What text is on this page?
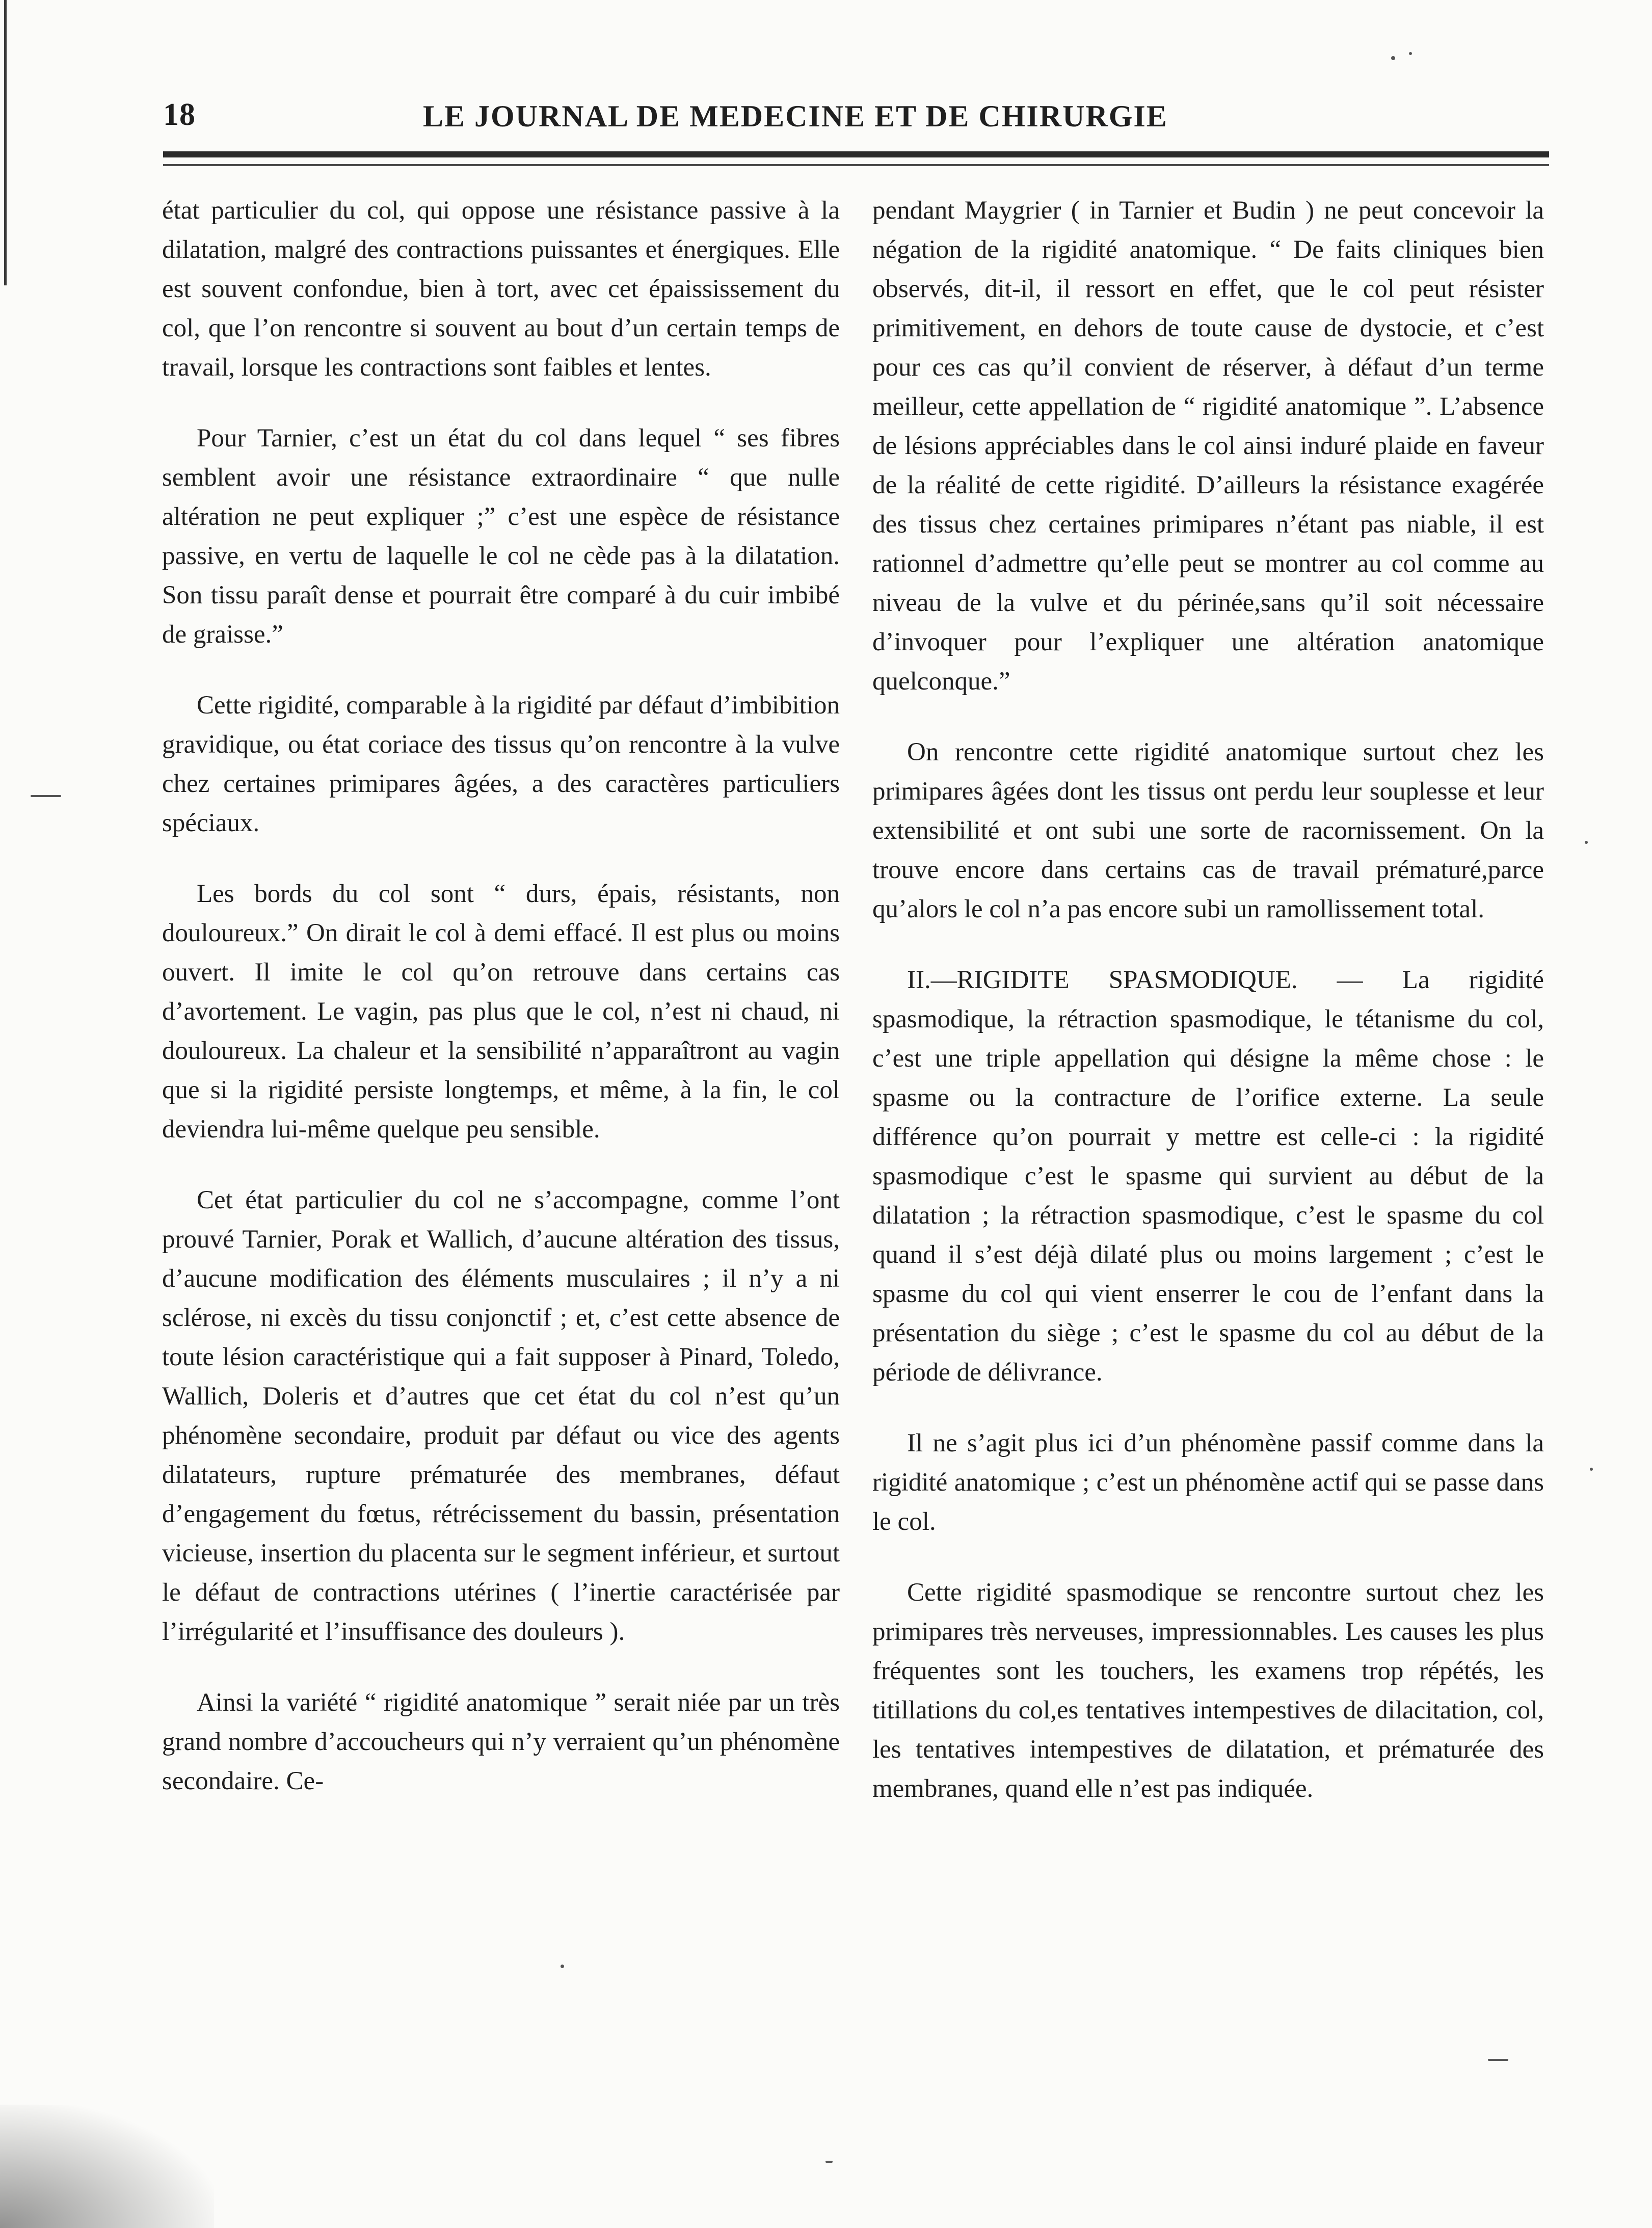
18	LE JOURNAL DE MEDECINE ET DE CHIRURGIE

état particulier du col, qui oppose une résistance passive à la dilatation, malgré des contractions puissantes et énergiques. Elle est souvent confondue, bien à tort, avec cet épaississement du col, que l’on rencontre si souvent au bout d’un certain temps de travail, lorsque les contractions sont faibles et lentes.

Pour Tarnier, c’est un état du col dans lequel “ ses fibres semblent avoir une résistance extraordinaire “ que nulle altération ne peut expliquer ;” c’est une espèce de résistance passive, en vertu de laquelle le col ne cède pas à la dilatation. Son tissu paraît dense et pourrait être comparé à du cuir imbibé de graisse.”

Cette rigidité, comparable à la rigidité par défaut d’imbibition gravidique, ou état coriace des tissus qu’on rencontre à la vulve chez certaines primipares âgées, a des caractères particuliers spéciaux.

Les bords du col sont “ durs, épais, résistants, non douloureux.” On dirait le col à demi effacé. Il est plus ou moins ouvert. Il imite le col qu’on retrouve dans certains cas d’avortement. Le vagin, pas plus que le col, n’est ni chaud, ni douloureux. La chaleur et la sensibilité n’apparaîtront au vagin que si la rigidité persiste longtemps, et même, à la fin, le col deviendra lui-même quelque peu sensible.

Cet état particulier du col ne s’accompagne, comme l’ont prouvé Tarnier, Porak et Wallich, d’aucune altération des tissus, d’aucune modification des éléments musculaires ; il n’y a ni sclérose, ni excès du tissu conjonctif ; et, c’est cette absence de toute lésion caractéristique qui a fait supposer à Pinard, Toledo, Wallich, Doleris et d’autres que cet état du col n’est qu’un phénomène secondaire, produit par défaut ou vice des agents dilatateurs, rupture prématurée des membranes, défaut d’engagement du fœtus, rétrécissement du bassin, présentation vicieuse, insertion du placenta sur le segment inférieur, et surtout le défaut de contractions utérines ( l’inertie caractérisée par l’irrégularité et l’insuffisance des douleurs ).

Ainsi la variété “ rigidité anatomique ” serait niée par un très grand nombre d’accoucheurs qui n’y verraient qu’un phénomène secondaire. Ce-

pendant Maygrier ( in Tarnier et Budin ) ne peut concevoir la négation de la rigidité anatomique. “ De faits cliniques bien observés, dit-il, il ressort en effet, que le col peut résister primitivement, en dehors de toute cause de dystocie, et c’est pour ces cas qu’il convient de réserver, à défaut d’un terme meilleur, cette appellation de “ rigidité anatomique ”. L’absence de lésions appréciables dans le col ainsi induré plaide en faveur de la réalité de cette rigidité. D’ailleurs la résistance exagérée des tissus chez certaines primipares n’étant pas niable, il est rationnel d’admettre qu’elle peut se montrer au col comme au niveau de la vulve et du périnée,sans qu’il soit nécessaire d’invoquer pour l’expliquer une altération anatomique quelconque.”

On rencontre cette rigidité anatomique surtout chez les primipares âgées dont les tissus ont perdu leur souplesse et leur extensibilité et ont subi une sorte de racornissement. On la trouve encore dans certains cas de travail prématuré,parce qu’alors le col n’a pas encore subi un ramollissement total.

II.—RIGIDITE SPASMODIQUE. — La rigidité spasmodique, la rétraction spasmodique, le tétanisme du col, c’est une triple appellation qui désigne la même chose : le spasme ou la contracture de l’orifice externe. La seule différence qu’on pourrait y mettre est celle-ci : la rigidité spasmodique c’est le spasme qui survient au début de la dilatation ; la rétraction spasmodique, c’est le spasme du col quand il s’est déjà dilaté plus ou moins largement ; c’est le spasme du col qui vient enserrer le cou de l’enfant dans la présentation du siège ; c’est le spasme du col au début de la période de délivrance.

Il ne s’agit plus ici d’un phénomène passif comme dans la rigidité anatomique ; c’est un phénomène actif qui se passe dans le col.

Cette rigidité spasmodique se rencontre surtout chez les primipares très nerveuses, impressionnables. Les causes les plus fréquentes sont les touchers, les examens trop répétés, les titillations du col,es tentatives intempestives de dilacitation, col, les tentatives intempestives de dilatation, et prématurée des membranes, quand elle n’est pas indiquée.
